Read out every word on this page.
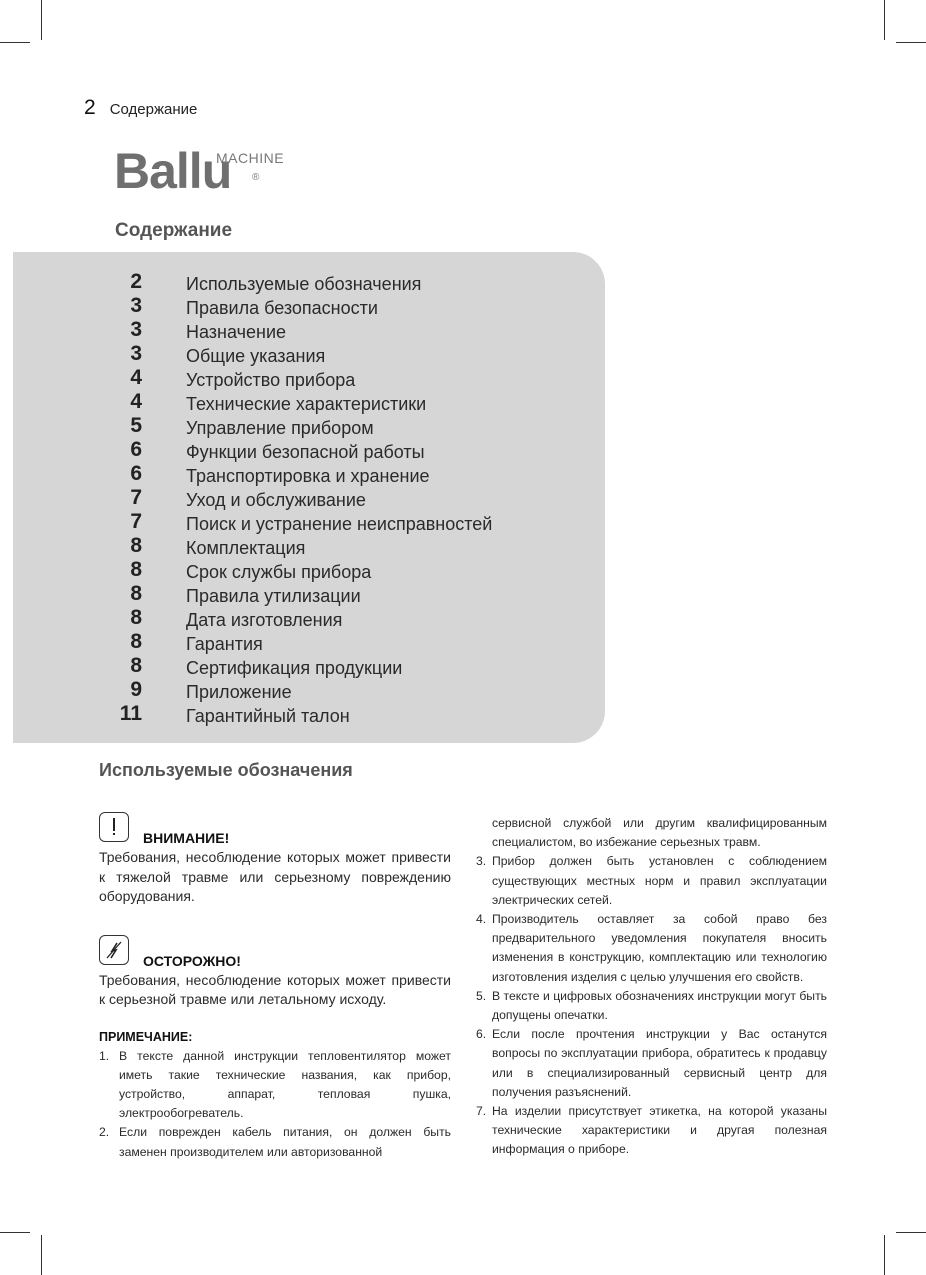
2 Содержание
Ballu
MACHINE
®
Содержание
2 Используемые обозначения
3 Правила безопасности
3 Назначение
3 Общие указания
4 Устройство прибора
4 Технические характеристики
5 Управление прибором
6 Функции безопасной работы
6 Транспортировка и хранение
7 Уход и обслуживание
7 Поиск и устранение неисправностей
8 Комплектация
8 Срок службы прибора
8 Правила утилизации
8 Дата изготовления
8 Гарантия
8 Сертификация продукции
9 Приложение
11 Гарантийный талон
Используемые обозначения
ВНИМАНИЕ!
Требования, несоблюдение которых может привести к тяжелой травме или серьезному повреждению оборудования.
ОСТОРОЖНО!
Требования, несоблюдение которых может привести к серьезной травме или летальному исходу.
ПРИМЕЧАНИЕ:
1. В тексте данной инструкции тепловентилятор может иметь такие технические названия, как прибор, устройство, аппарат, тепловая пушка, электрообогреватель.
2. Если поврежден кабель питания, он должен быть заменен производителем или авторизованной
сервисной службой или другим квалифицированным специалистом, во избежание серьезных травм.
3. Прибор должен быть установлен с соблюдением существующих местных норм и правил эксплуатации электрических сетей.
4. Производитель оставляет за собой право без предварительного уведомления покупателя вносить изменения в конструкцию, комплектацию или технологию изготовления изделия с целью улучшения его свойств.
5. В тексте и цифровых обозначениях инструкции могут быть допущены опечатки.
6. Если после прочтения инструкции у Вас останутся вопросы по эксплуатации прибора, обратитесь к продавцу или в специализированный сервисный центр для получения разъяснений.
7. На изделии присутствует этикетка, на которой указаны технические характеристики и другая полезная информация о приборе.
